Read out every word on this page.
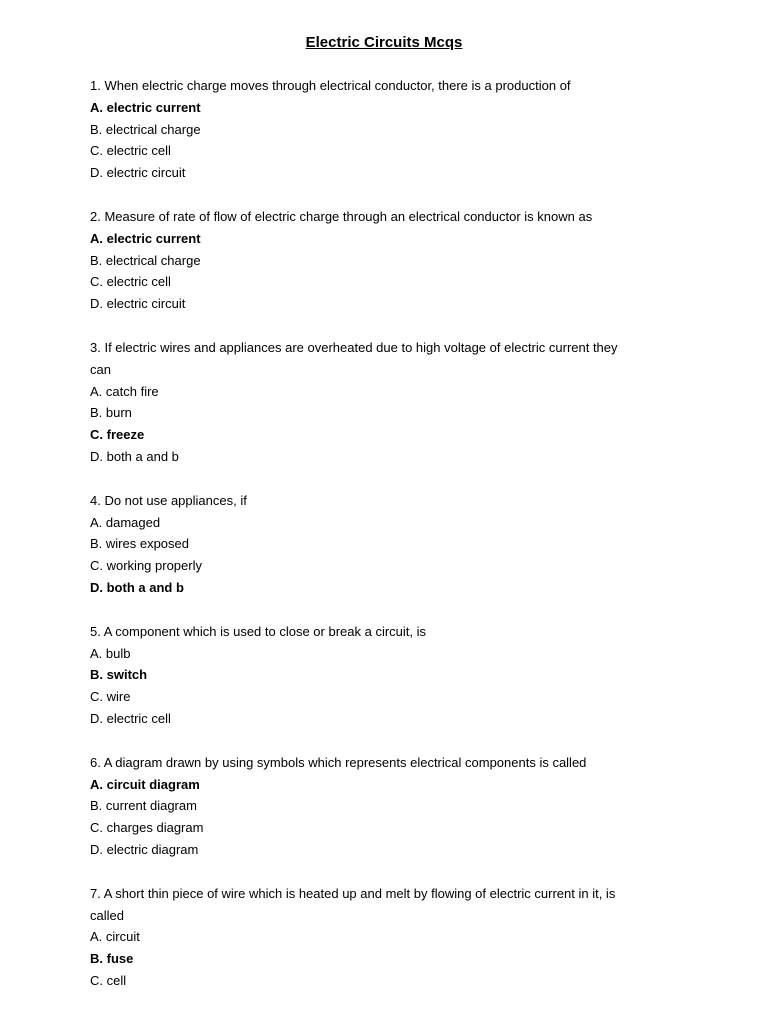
Electric Circuits Mcqs
1. When electric charge moves through electrical conductor, there is a production of
A. electric current
B. electrical charge
C. electric cell
D. electric circuit
2. Measure of rate of flow of electric charge through an electrical conductor is known as
A. electric current
B. electrical charge
C. electric cell
D. electric circuit
3. If electric wires and appliances are overheated due to high voltage of electric current they
can
A. catch fire
B. burn
C. freeze
D. both a and b
4. Do not use appliances, if
A. damaged
B. wires exposed
C. working properly
D. both a and b
5. A component which is used to close or break a circuit, is
A. bulb
B. switch
C. wire
D. electric cell
6. A diagram drawn by using symbols which represents electrical components is called
A. circuit diagram
B. current diagram
C. charges diagram
D. electric diagram
7. A short thin piece of wire which is heated up and melt by flowing of electric current in it, is
called
A. circuit
B. fuse
C. cell
